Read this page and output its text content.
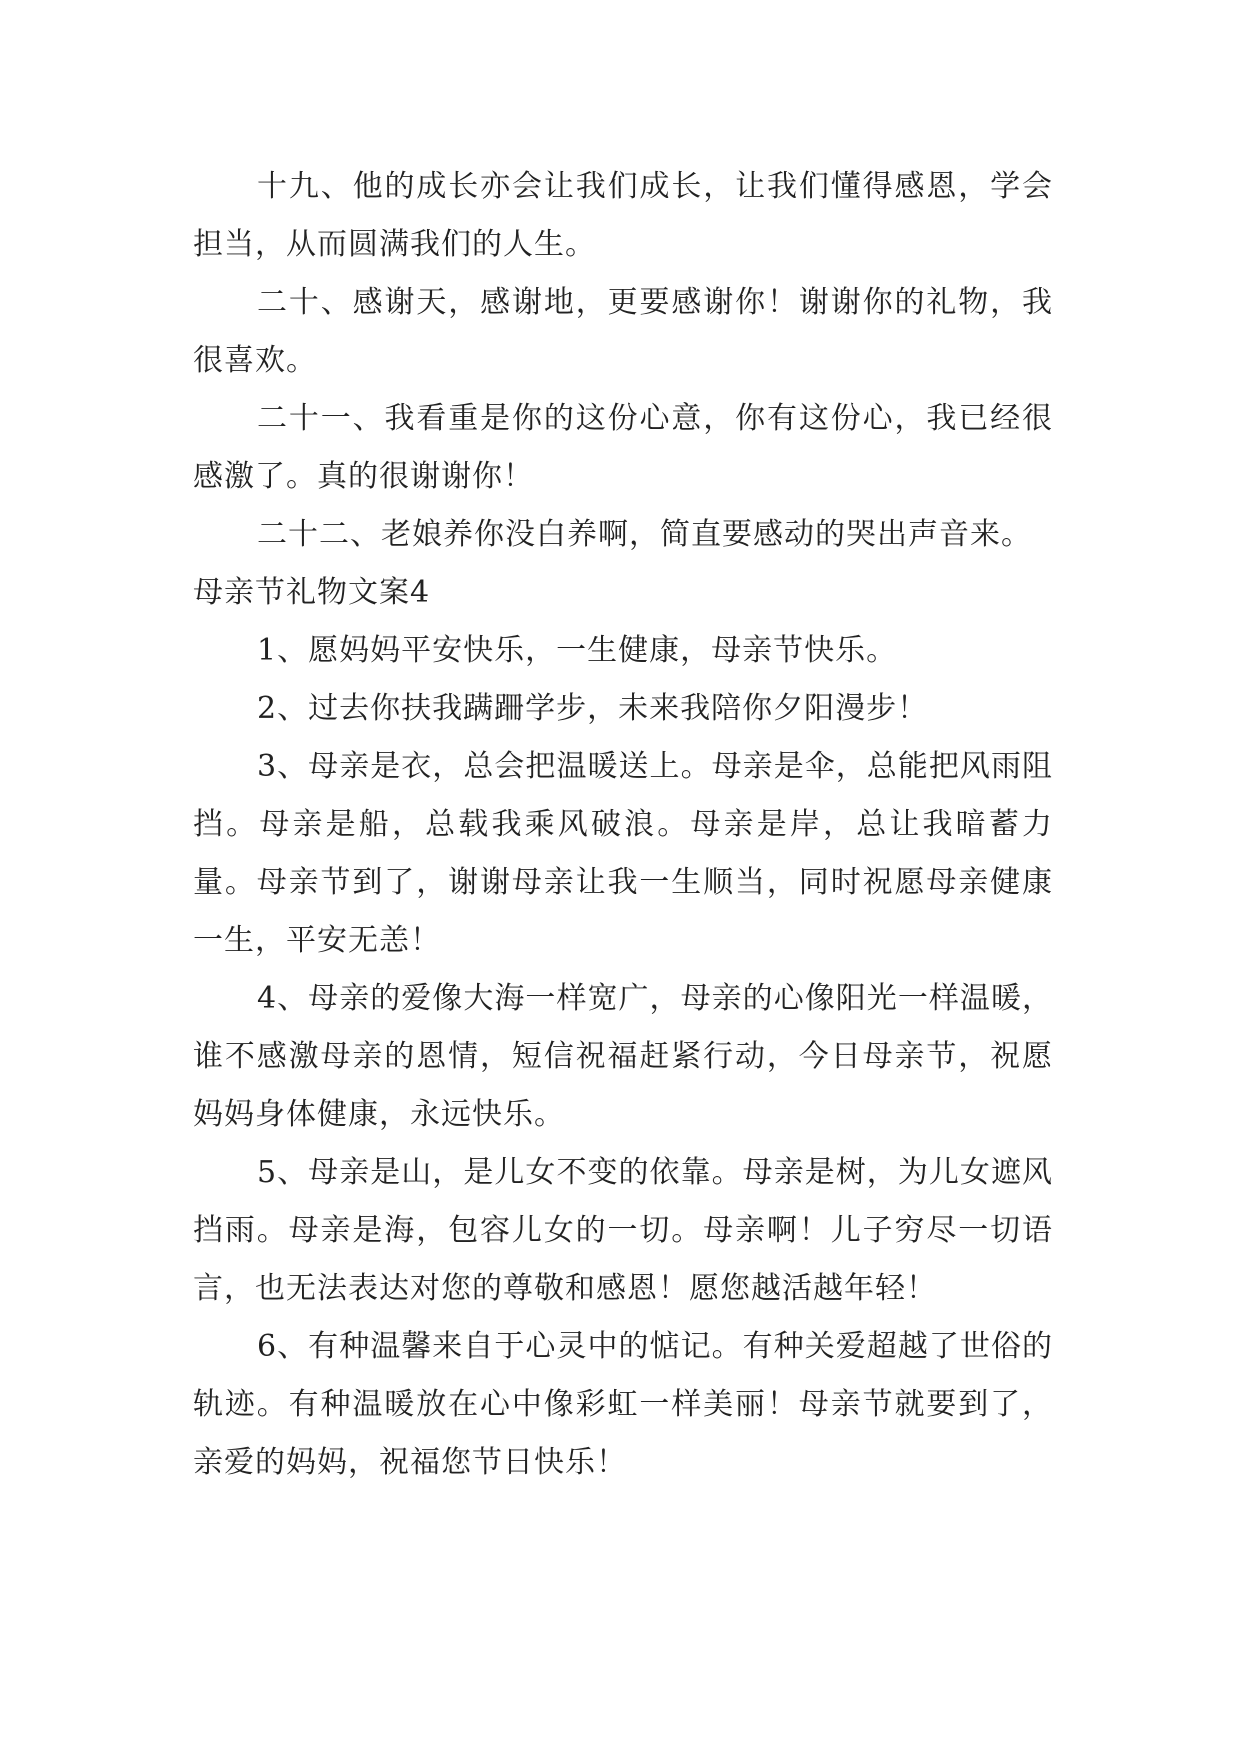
十九、他的成长亦会让我们成长，让我们懂得感恩，学会担当，从而圆满我们的人生。

二十、感谢天，感谢地，更要感谢你！谢谢你的礼物，我很喜欢。

二十一、我看重是你的这份心意，你有这份心，我已经很感激了。真的很谢谢你！

二十二、老娘养你没白养啊，简直要感动的哭出声音来。

母亲节礼物文案4

1、愿妈妈平安快乐，一生健康，母亲节快乐。

2、过去你扶我蹒跚学步，未来我陪你夕阳漫步！

3、母亲是衣，总会把温暖送上。母亲是伞，总能把风雨阻挡。母亲是船，总载我乘风破浪。母亲是岸，总让我暗蓄力量。母亲节到了，谢谢母亲让我一生顺当，同时祝愿母亲健康一生，平安无恙！

4、母亲的爱像大海一样宽广，母亲的心像阳光一样温暖，谁不感激母亲的恩情，短信祝福赶紧行动，今日母亲节，祝愿妈妈身体健康，永远快乐。

5、母亲是山，是儿女不变的依靠。母亲是树，为儿女遮风挡雨。母亲是海，包容儿女的一切。母亲啊！儿子穷尽一切语言，也无法表达对您的尊敬和感恩！愿您越活越年轻！

6、有种温馨来自于心灵中的惦记。有种关爱超越了世俗的轨迹。有种温暖放在心中像彩虹一样美丽！母亲节就要到了，亲爱的妈妈，祝福您节日快乐！
